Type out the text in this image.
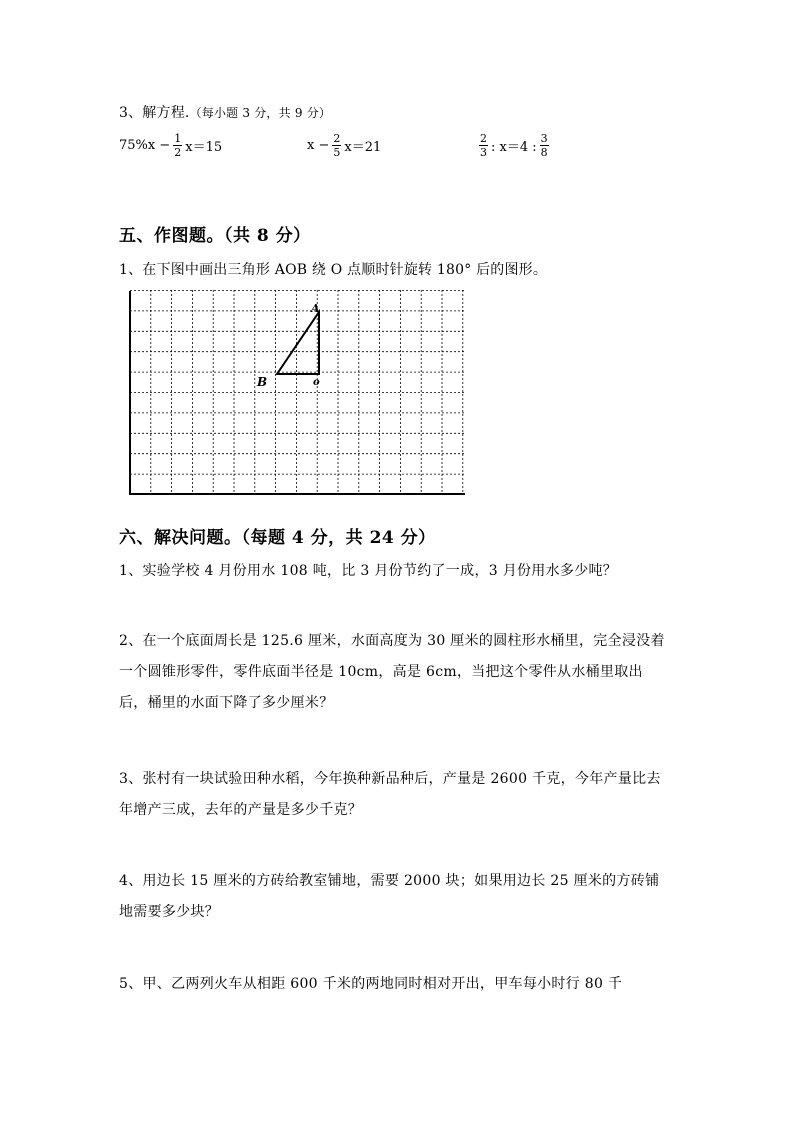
3、解方程.（每小题 3 分，共 9 分）
$75\%x - \frac{1}{2} x=15$	$x - \frac{2}{5} x=21$	$\frac{2}{3}$ : x＝4 : $\frac{3}{8}$
五、作图题。（共 8 分）
1、在下图中画出三角形 AOB 绕 O 点顺时针旋转 180° 后的图形。
A
B	o
六、解决问题。（每题 4 分，共 24 分）
1、实验学校 4 月份用水 108 吨，比 3 月份节约了一成，3 月份用水多少吨？
2、在一个底面周长是 125.6 厘米，水面高度为 30 厘米的圆柱形水桶里，完全浸没着一个圆锥形零件，零件底面半径是 10cm，高是 6cm，当把这个零件从水桶里取出后，桶里的水面下降了多少厘米？
3、张村有一块试验田种水稻，今年换种新品种后，产量是 2600 千克，今年产量比去年增产三成，去年的产量是多少千克？
4、用边长 15 厘米的方砖给教室铺地，需要 2000 块；如果用边长 25 厘米的方砖铺地需要多少块？
5、甲、乙两列火车从相距 600 千米的两地同时相对开出，甲车每小时行 80 千
